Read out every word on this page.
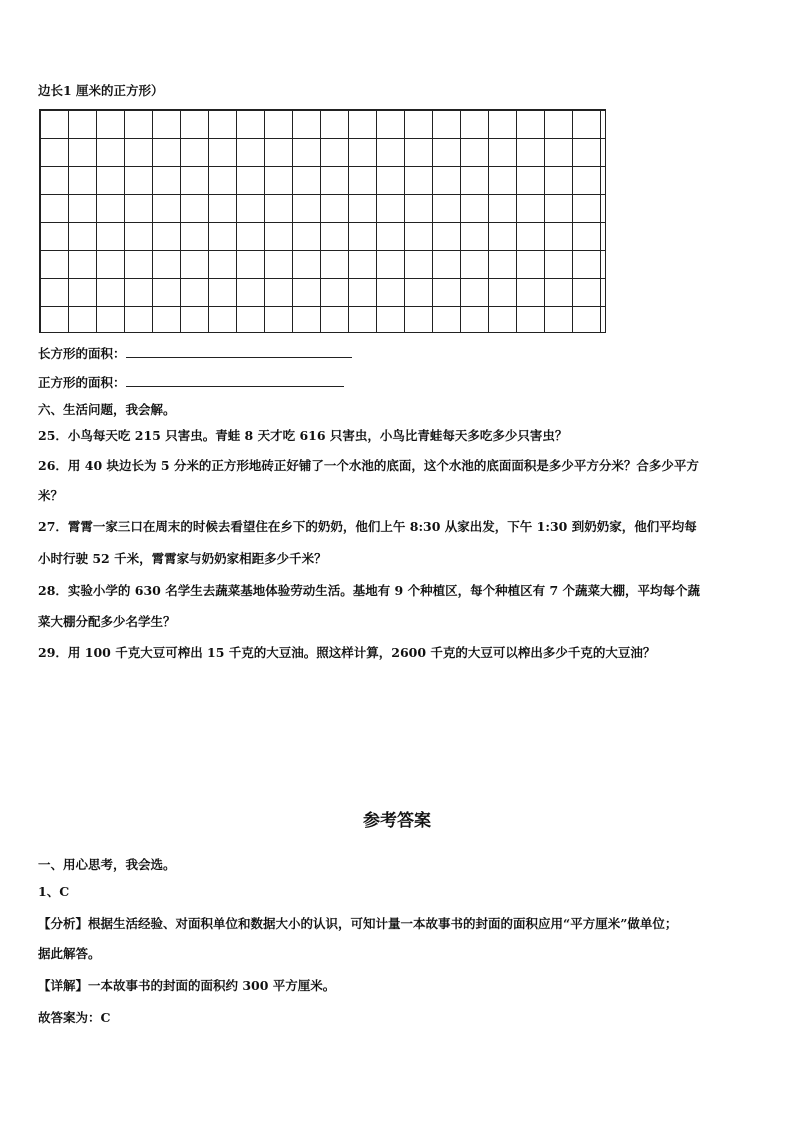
边长1 厘米的正方形）
长方形的面积：
正方形的面积：
六、生活问题，我会解。
25．小鸟每天吃 215 只害虫。青蛙 8 天才吃 616 只害虫，小鸟比青蛙每天多吃多少只害虫？
26．用 40 块边长为 5 分米的正方形地砖正好铺了一个水池的底面，这个水池的底面面积是多少平方分米？合多少平方
米？
27．霄霄一家三口在周末的时候去看望住在乡下的奶奶，他们上午 8:30 从家出发，下午 1:30 到奶奶家，他们平均每
小时行驶 52 千米，霄霄家与奶奶家相距多少千米？
28．实验小学的 630 名学生去蔬菜基地体验劳动生活。基地有 9 个种植区，每个种植区有 7 个蔬菜大棚，平均每个蔬
菜大棚分配多少名学生？
29．用 100 千克大豆可榨出 15 千克的大豆油。照这样计算，2600 千克的大豆可以榨出多少千克的大豆油？
参考答案
一、用心思考，我会选。
1、C
【分析】根据生活经验、对面积单位和数据大小的认识，可知计量一本故事书的封面的面积应用“平方厘米”做单位；
据此解答。
【详解】一本故事书的封面的面积约 300 平方厘米。
故答案为：C
